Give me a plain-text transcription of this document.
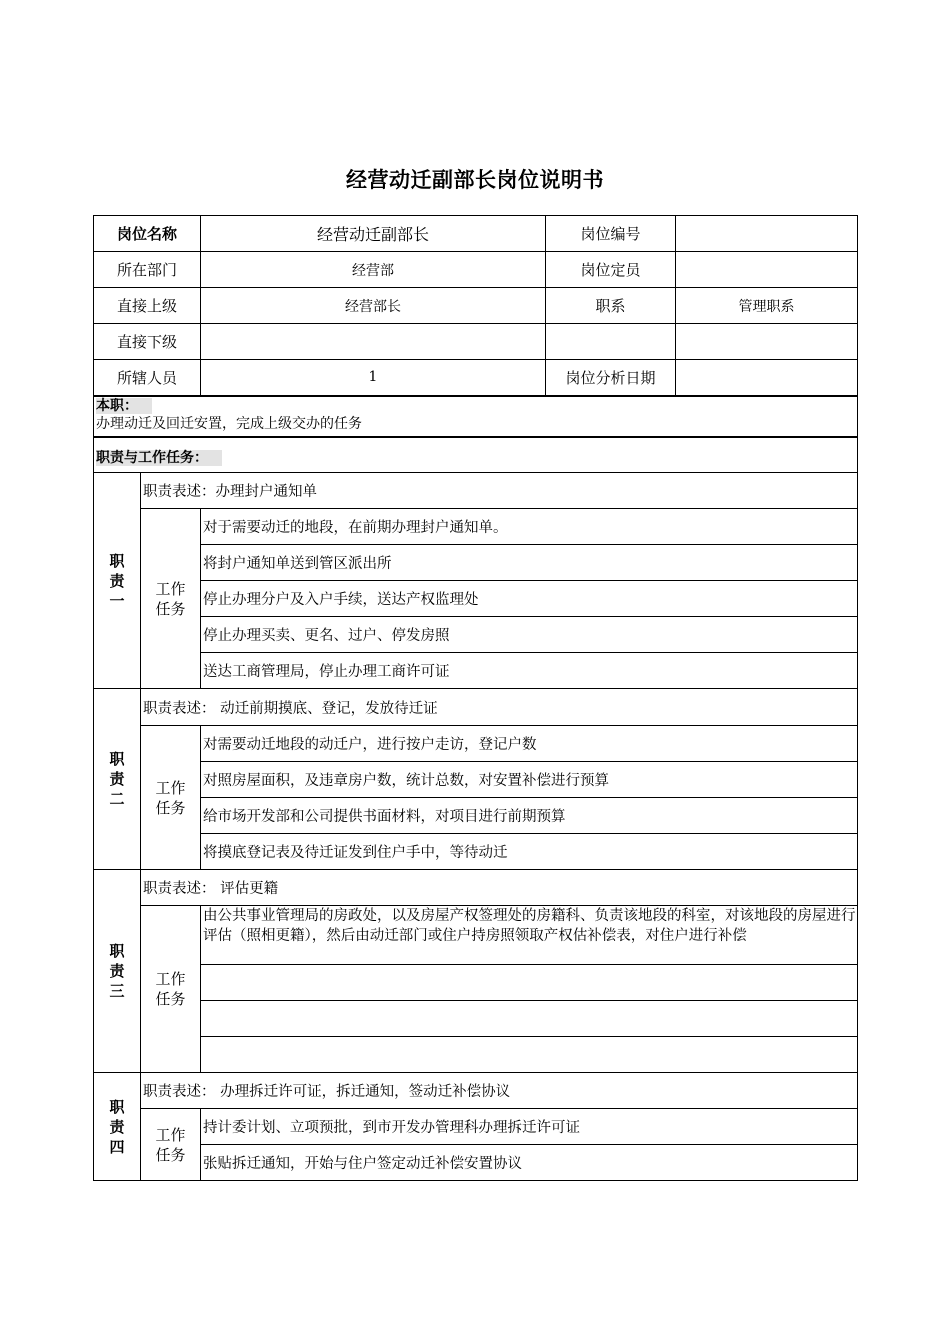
经营动迁副部长岗位说明书
岗位名称		经营动迁副部长	岗位编号	
所在部门		经营部	岗位定员	
直接上级		经营部长	职系	管理职系
直接下级				
所辖人员		1	岗位分析日期	
本职：
办理动迁及回迁安置，完成上级交办的任务				
职责与工作任务：				

职
责
一	职责表述：办理封户通知单			

	工作
任务	对于需要动迁的地段，在前期办理封户通知单。		
		将封户通知单送到管区派出所		
		停止办理分户及入户手续，送达产权监理处		
		停止办理买卖、更名、过户、停发房照		
		送达工商管理局，停止办理工商许可证		

职
责
二	职责表述： 动迁前期摸底、登记，发放待迁证			

	工作
任务	对需要动迁地段的动迁户，进行按户走访，登记户数		
		对照房屋面积，及违章房户数，统计总数，对安置补偿进行预算		
		给市场开发部和公司提供书面材料，对项目进行前期预算		
		将摸底登记表及待迁证发到住户手中，等待动迁		

职
责
三	职责表述： 评估更籍			

	工作
任务	由公共事业管理局的房政处，以及房屋产权签理处的房籍科、负责该地段的科室，对该地段的房屋进行评估（照相更籍），然后由动迁部门或住户持房照领取产权估补偿表，对住户进行补偿		

职
责
四	职责表述： 办理拆迁许可证，拆迁通知，签动迁补偿协议			

	工作
任务	持计委计划、立项预批，到市开发办管理科办理拆迁许可证		
		张贴拆迁通知，开始与住户签定动迁补偿安置协议		
